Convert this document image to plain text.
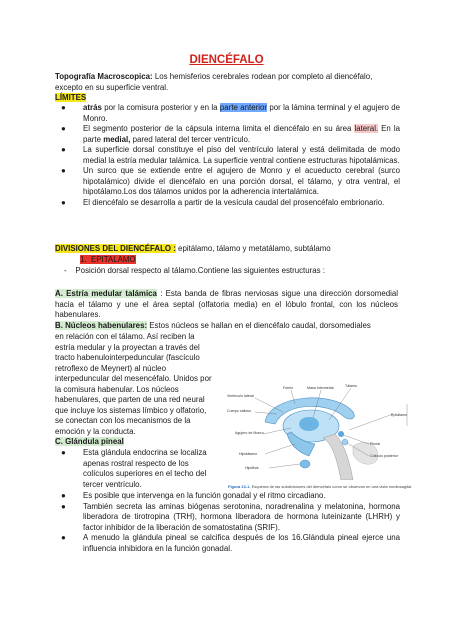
DIENCÉFALO

Topografía Macroscopica: Los hemisferios cerebrales rodean por completo al diencéfalo, excepto en su superficie ventral.

LÍMITES

● atrás por la comisura posterior y en la parte anterior por la lámina terminal y el agujero de Monro.
● El segmento posterior de la cápsula interna limita el diencéfalo en su área lateral. En la parte medial, pared lateral del tercer ventrículo.
● La superficie dorsal constituye el piso del ventrículo lateral y está delimitada de modo medial la estría medular talámica. La superficie ventral contiene estructuras hipotalámicas.
● Un surco que se extiende entre el agujero de Monro y el acueducto cerebral (surco hipotalámico) divide el diencéfalo en una porción dorsal, el tálamo, y otra ventral, el hipotálamo.Los dos tálamos unidos por la adherencia intertalámica.
● El diencéfalo se desarrolla a partir de la vesícula caudal del prosencéfalo embrionario.

DIVISIONES DEL DIENCÉFALO : epitálamo, tálamo y metatálamo, subtálamo

1. EPITALAMO

- Posición dorsal respecto al tálamo.Contiene las siguientes estructuras :

A. Estría medular talámica : Esta banda de fibras nerviosas sigue una dirección dorsomedial hacia el tálamo y une el área septal (olfatoria media) en el lóbulo frontal, con los núcleos habenulares.

B. Núcleos habenulares: Estos núcleos se hallan en el diencéfalo caudal, dorsomediales

en relación con el tálamo. Así reciben la
estría medular y la proyectan a través del
tracto habenulointerpeduncular (fascículo
retroflexo de Meynert) al núcleo
interpeduncular del mesencéfalo. Unidos por
la comisura habenular. Los núcleos
habenulares, que parten de una red neural
que incluye los sistemas límbico y olfatorio,
se conectan con los mecanismos de la
emoción y la conducta.

C. Glándula pineal

● Esta glándula endocrina se localiza
apenas rostral respecto de los
colículos superiores en el techo del
tercer ventrículo.
● Es posible que intervenga en la función gonadal y el ritmo circadiano.
● También secreta las aminas biógenas serotonina, noradrenalina y melatonina, hormona liberadora de tirotropina (TRH), hormona liberadora de hormona luteinizante (LHRH) y factor inhibidor de la liberación de somatostatina (SRIF).
● A menudo la glándula pineal se calcifica después de los 16.Glándula pineal ejerce una influencia inhibidora en la función gonadal.
Fórnix	Masa intermedia	Tálamo
Ventrículo lateral
Cuerpo calloso
Epitálamo
Agujero de Monro
Pineal
Hipotálamo	Colículo posterior
Hipófisis
Figura 13-1. Esquema de las subdivisiones del diencéfalo como se observan en una vista mediosagital.
